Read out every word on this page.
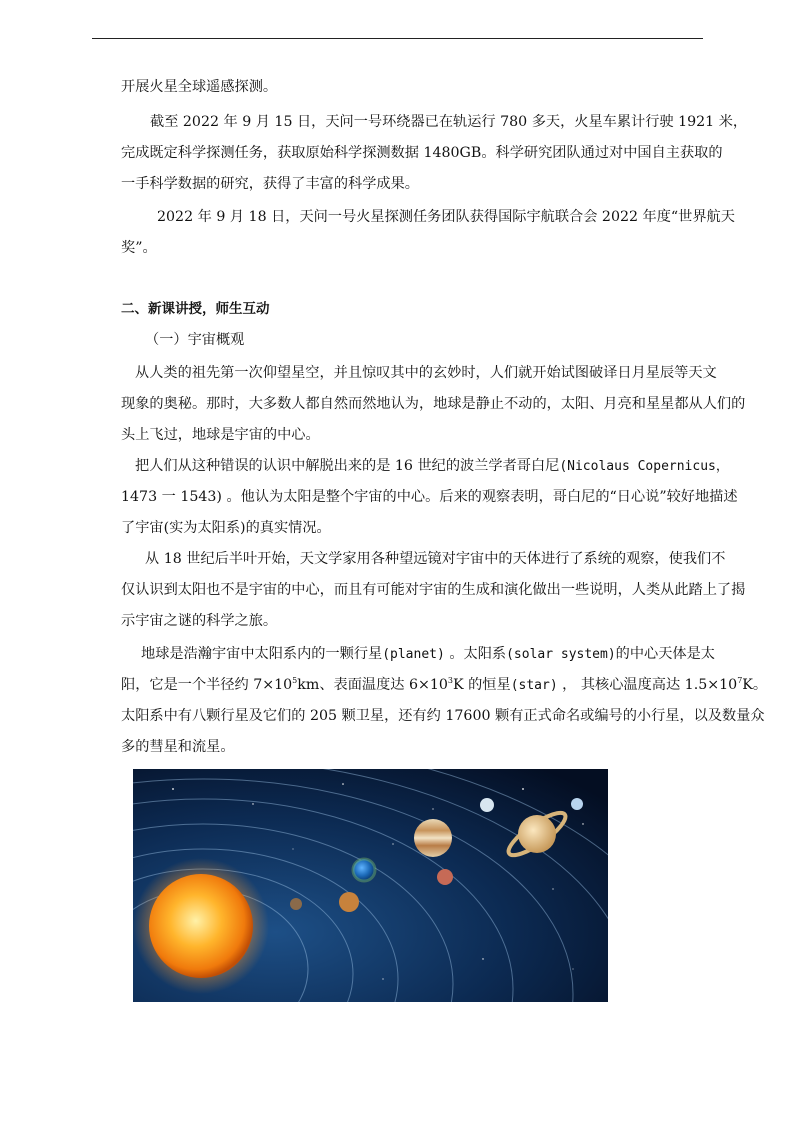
开展火星全球遥感探测。

截至 2022 年 9 月 15 日，天问一号环绕器已在轨运行 780 多天，火星车累计行驶 1921 米，

完成既定科学探测任务，获取原始科学探测数据 1480GB。科学研究团队通过对中国自主获取的

一手科学数据的研究，获得了丰富的科学成果。

2022 年 9 月 18 日，天问一号火星探测任务团队获得国际宇航联合会 2022 年度“世界航天

奖”。

二、新课讲授，师生互动

（一）宇宙概观

从人类的祖先第一次仰望星空，并且惊叹其中的玄妙时，人们就开始试图破译日月星辰等天文

现象的奥秘。那时，大多数人都自然而然地认为，地球是静止不动的，太阳、月亮和星星都从人们的

头上飞过，地球是宇宙的中心。

把人们从这种错误的认识中解脱出来的是 16 世纪的波兰学者哥白尼(Nicolaus Copernicus，

1473 一 1543) 。他认为太阳是整个宇宙的中心。后来的观察表明，哥白尼的“日心说”较好地描述

了宇宙(实为太阳系)的真实情况。

从 18 世纪后半叶开始，天文学家用各种望远镜对宇宙中的天体进行了系统的观察，使我们不

仅认识到太阳也不是宇宙的中心，而且有可能对宇宙的生成和演化做出一些说明，人类从此踏上了揭

示宇宙之谜的科学之旅。

地球是浩瀚宇宙中太阳系内的一颗行星(planet) 。太阳系(solar system)的中心天体是太

阳，它是一个半径约 $7\times 10^5km$、表面温度达 $6\times 10^3K$ 的恒星(star) ， 其核心温度高达 $1.5\times 10^7K$。

太阳系中有八颗行星及它们的 205 颗卫星，还有约 17600 颗有正式命名或编号的小行星，以及数量众

多的彗星和流星。
